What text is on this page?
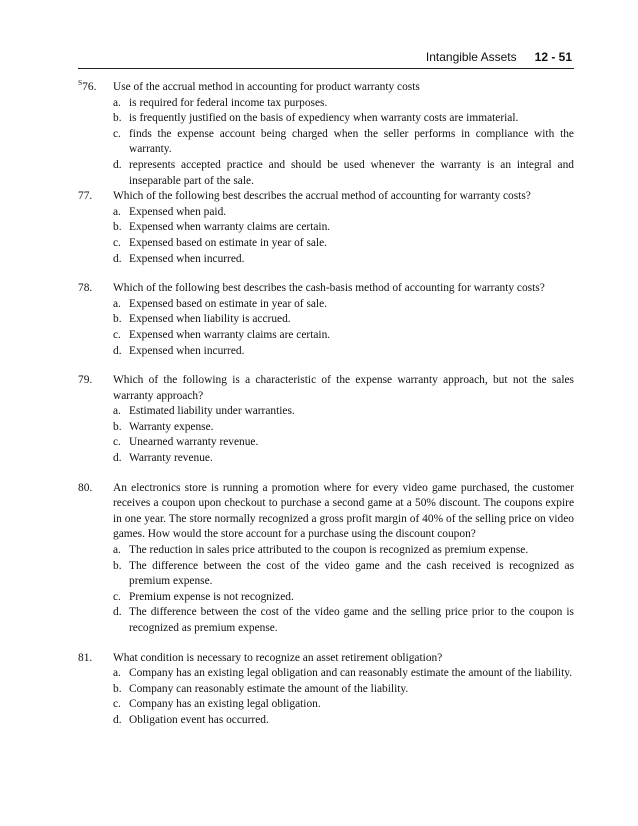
Intangible Assets 12 - 51
$^S$76.	Use of the accrual method in accounting for product warranty costs
a. is required for federal income tax purposes.
b. is frequently justified on the basis of expediency when warranty costs are immaterial.
c. finds the expense account being charged when the seller performs in compliance with the warranty.
d. represents accepted practice and should be used whenever the warranty is an integral and inseparable part of the sale.
77.	Which of the following best describes the accrual method of accounting for warranty costs?
a. Expensed when paid.
b. Expensed when warranty claims are certain.
c. Expensed based on estimate in year of sale.
d. Expensed when incurred.
78.	Which of the following best describes the cash-basis method of accounting for warranty costs?
a. Expensed based on estimate in year of sale.
b. Expensed when liability is accrued.
c. Expensed when warranty claims are certain.
d. Expensed when incurred.
79.	Which of the following is a characteristic of the expense warranty approach, but not the sales warranty approach?
a. Estimated liability under warranties.
b. Warranty expense.
c. Unearned warranty revenue.
d. Warranty revenue.
80.	An electronics store is running a promotion where for every video game purchased, the customer receives a coupon upon checkout to purchase a second game at a 50% discount. The coupons expire in one year. The store normally recognized a gross profit margin of 40% of the selling price on video games. How would the store account for a purchase using the discount coupon?
a. The reduction in sales price attributed to the coupon is recognized as premium expense.
b. The difference between the cost of the video game and the cash received is recognized as premium expense.
c. Premium expense is not recognized.
d. The difference between the cost of the video game and the selling price prior to the coupon is recognized as premium expense.
81.	What condition is necessary to recognize an asset retirement obligation?
a. Company has an existing legal obligation and can reasonably estimate the amount of the liability.
b. Company can reasonably estimate the amount of the liability.
c. Company has an existing legal obligation.
d. Obligation event has occurred.
